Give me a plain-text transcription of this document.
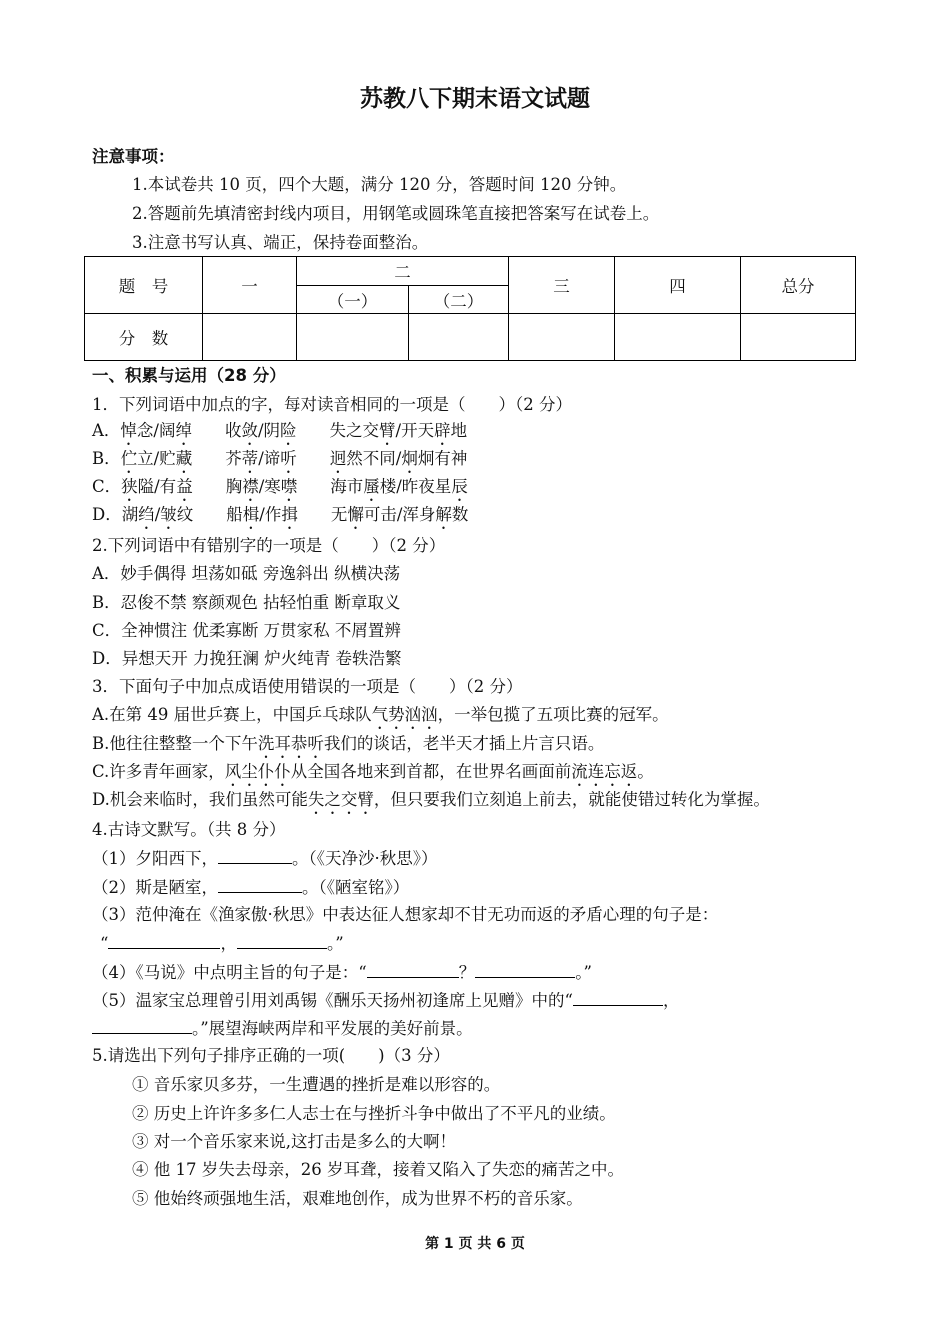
苏教八下期末语文试题
注意事项：
1.本试卷共 10 页，四个大题，满分 120 分，答题时间 120 分钟。
2.答题前先填清密封线内项目，用钢笔或圆珠笔直接把答案写在试卷上。
3.注意书写认真、端正，保持卷面整治。
题　号	一	二		三	四	总分
		（一）	（二）			
分　数						
一、积累与运用（28 分）
1．下列词语中加点的字，每对读音相同的一项是（　　）（2 分）
A．悼念/阔绰　　收敛/阴险　　失之交臂/开天辟地
B．伫立/贮藏　　芥蒂/谛听　　 迥然不同/炯炯有神
C．狭隘/有益　　胸襟/寒噤　　海市蜃楼/昨夜星辰
D．湖绉/皱纹　　船楫/作揖　　无懈可击/浑身解数
2.下列词语中有错别字的一项是（　　）（2 分）
A．妙手偶得 坦荡如砥 旁逸斜出 纵横决荡
B．忍俊不禁 察颜观色 拈轻怕重 断章取义
C．全神惯注 优柔寡断 万贯家私 不屑置辨
D．异想天开 力挽狂澜 炉火纯青 卷轶浩繁
3．下面句子中加点成语使用错误的一项是（　　）（2 分）
A.在第 49 届世乒赛上，中国乒乓球队气势汹汹，一举包揽了五项比赛的冠军。
B.他往往整整一个下午洗耳恭听我们的谈话，老半天才插上片言只语。
C.许多青年画家，风尘仆仆从全国各地来到首都，在世界名画面前流连忘返。
D.机会来临时，我们虽然可能失之交臂，但只要我们立刻追上前去，就能使错过转化为掌握。
4.古诗文默写。（共 8 分）
（1）夕阳西下，	。（《天净沙·秋思》）
（2）斯是陋室，	。（《陋室铭》）
（3）范仲淹在《渔家傲·秋思》中表达征人想家却不甘无功而返的矛盾心理的句子是：
“	，	。”
（4）《马说》中点明主旨的句子是：“	？	。”
（5）温家宝总理曾引用刘禹锡《酬乐天扬州初逢席上见赠》中的“	，
。”展望海峡两岸和平发展的美好前景。
5.请选出下列句子排序正确的一项(　　)（3 分）
① 音乐家贝多芬，一生遭遇的挫折是难以形容的。
② 历史上许许多多仁人志士在与挫折斗争中做出了不平凡的业绩。
③ 对一个音乐家来说,这打击是多么的大啊！
④ 他 17 岁失去母亲，26 岁耳聋，接着又陷入了失恋的痛苦之中。
⑤ 他始终顽强地生活，艰难地创作，成为世界不朽的音乐家。
第 1 页 共 6 页
